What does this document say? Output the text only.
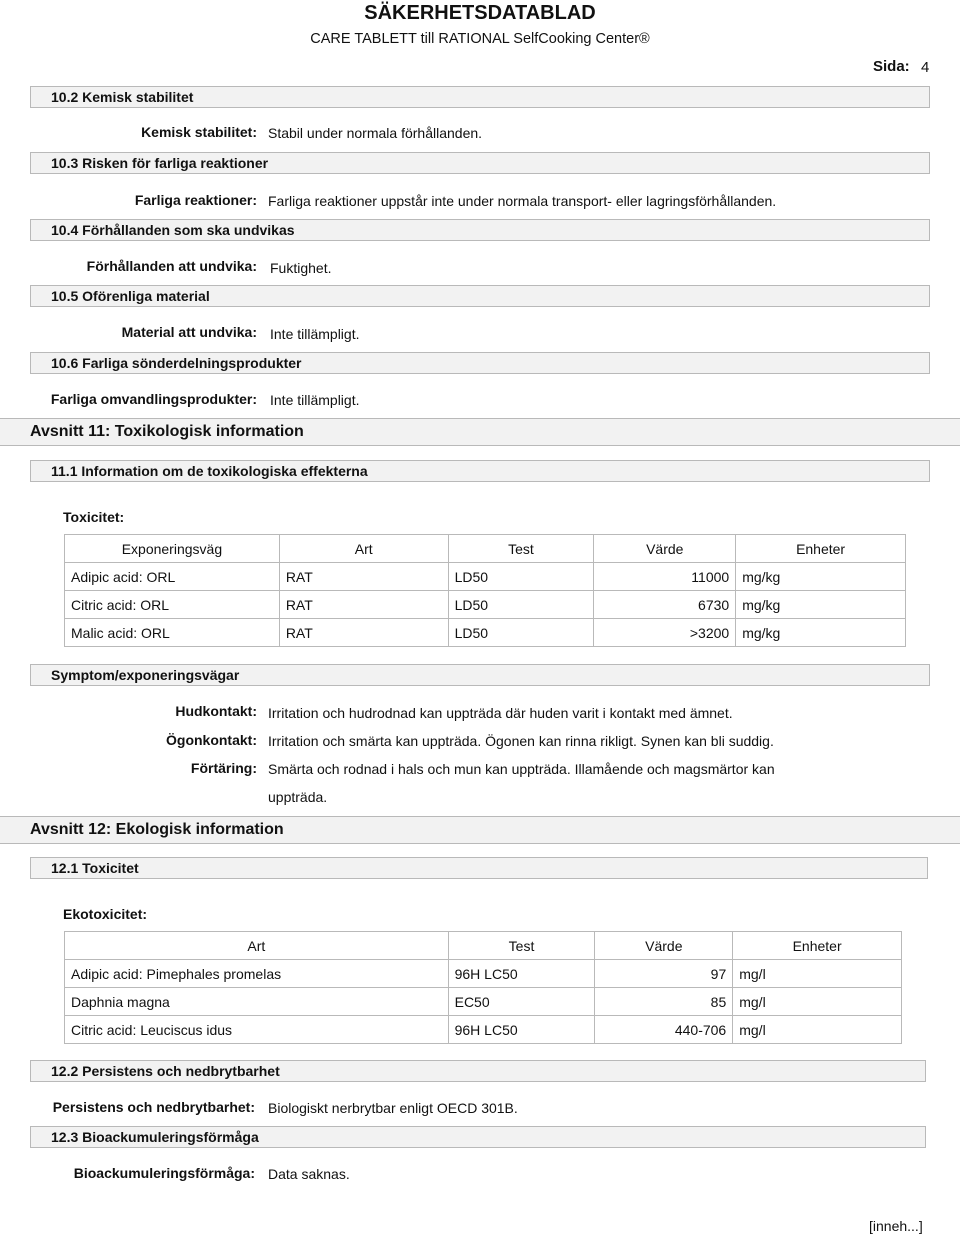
SÄKERHETSDATABLAD
CARE TABLETT till RATIONAL SelfCooking Center®
Sida: 4
10.2 Kemisk stabilitet
Kemisk stabilitet: Stabil under normala förhållanden.
10.3 Risken för farliga reaktioner
Farliga reaktioner: Farliga reaktioner uppstår inte under normala transport- eller lagringsförhållanden.
10.4 Förhållanden som ska undvikas
Förhållanden att undvika: Fuktighet.
10.5 Oförenliga material
Material att undvika: Inte tillämpligt.
10.6 Farliga sönderdelningsprodukter
Farliga omvandlingsprodukter: Inte tillämpligt.
Avsnitt 11: Toxikologisk information
11.1 Information om de toxikologiska effekterna
Toxicitet:
Exponeringsväg	Art	Test	Värde	Enheter
Adipic acid: ORL	RAT	LD50	11000	mg/kg
Citric acid: ORL	RAT	LD50	6730	mg/kg
Malic acid: ORL	RAT	LD50	>3200	mg/kg
Symptom/exponeringsvägar
Hudkontakt: Irritation och hudrodnad kan uppträda där huden varit i kontakt med ämnet.
Ögonkontakt: Irritation och smärta kan uppträda. Ögonen kan rinna rikligt. Synen kan bli suddig.
Förtäring: Smärta och rodnad i hals och mun kan uppträda. Illamående och magsmärtor kan
uppträda.
Avsnitt 12: Ekologisk information
12.1 Toxicitet
Ekotoxicitet:
Art	Test	Värde	Enheter
Adipic acid: Pimephales promelas	96H LC50	97	mg/l
Daphnia magna	EC50	85	mg/l
Citric acid: Leuciscus idus	96H LC50	440-706	mg/l
12.2 Persistens och nedbrytbarhet
Persistens och nedbrytbarhet: Biologiskt nerbrytbar enligt OECD 301B.
12.3 Bioackumuleringsförmåga
Bioackumuleringsförmåga: Data saknas.
[inneh...]
